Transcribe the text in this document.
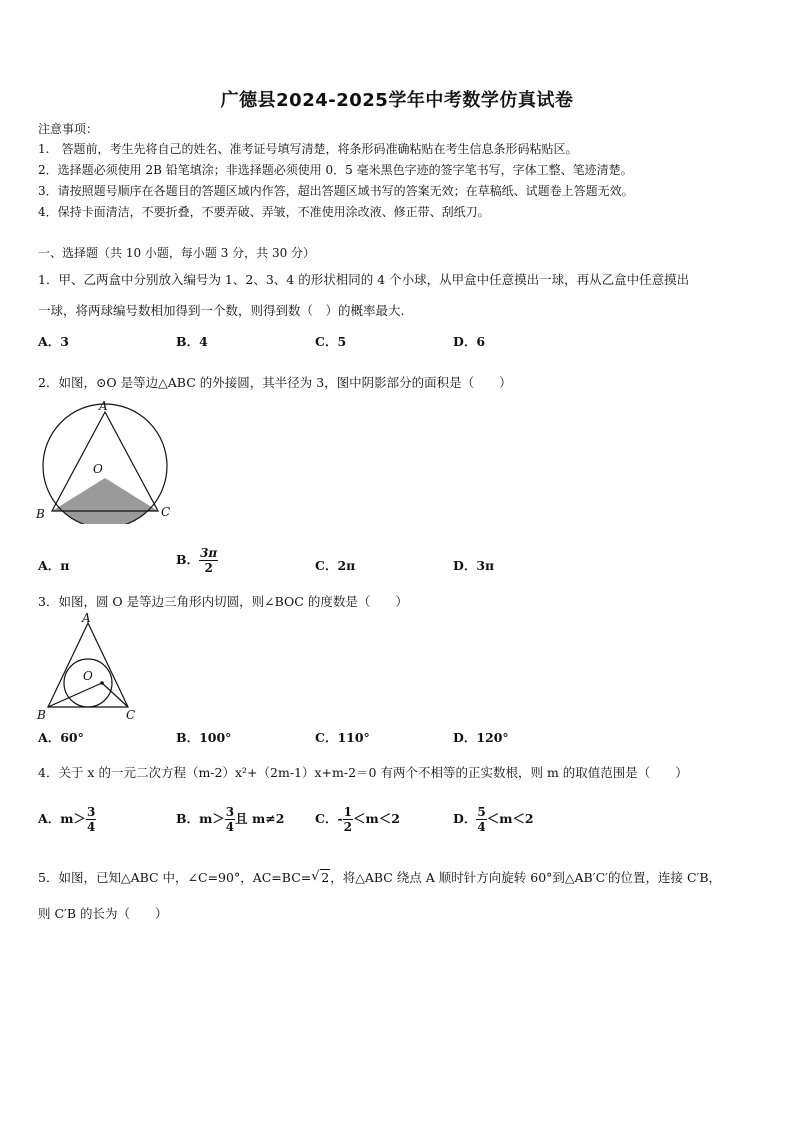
广德县2024-2025学年中考数学仿真试卷
注意事项：
1.　答题前，考生先将自己的姓名、准考证号填写清楚，将条形码准确粘贴在考生信息条形码粘贴区。
2．选择题必须使用 2B 铅笔填涂；非选择题必须使用 0．5 毫米黑色字迹的签字笔书写，字体工整、笔迹清楚。
3．请按照题号顺序在各题目的答题区域内作答，超出答题区域书写的答案无效；在草稿纸、试题卷上答题无效。
4．保持卡面清洁，不要折叠，不要弄破、弄皱，不准使用涂改液、修正带、刮纸刀。
一、选择题（共 10 小题，每小题 3 分，共 30 分）
1．甲、乙两盒中分别放入编号为 1、2、3、4 的形状相同的 4 个小球，从甲盒中任意摸出一球，再从乙盒中任意摸出
一球，将两球编号数相加得到一个数，则得到数（　）的概率最大.
A．3	B．4	C．5	D．6
2．如图，⊙O 是等边△ABC 的外接圆，其半径为 3，图中阴影部分的面积是（　　）
A
O
B	C
A．π	B． $\frac{3\pi}{2}$	C．2π	D．3π
3．如图，圆 O 是等边三角形内切圆，则∠BOC 的度数是（　　）
A
O
B	C
A．60°	B．100°	C．110°	D．120°
4．关于 x 的一元二次方程（m-2）x²+（2m-1）x+m-2＝0 有两个不相等的正实数根，则 m 的取值范围是（　　）
A．$m> \frac{3}{4}$	B．$m> \frac{3}{4}$ 且 m≠2 C．- $\frac{1}{2} <m<2$	D． $\frac{5}{4} <m<2$
5．如图，已知△ABC 中，∠C=90°，AC=BC= √ 2，将△ABC 绕点 A 顺时针方向旋转 60°到△AB′C′的位置，连接 C′B，
则 C′B 的长为（　　）
